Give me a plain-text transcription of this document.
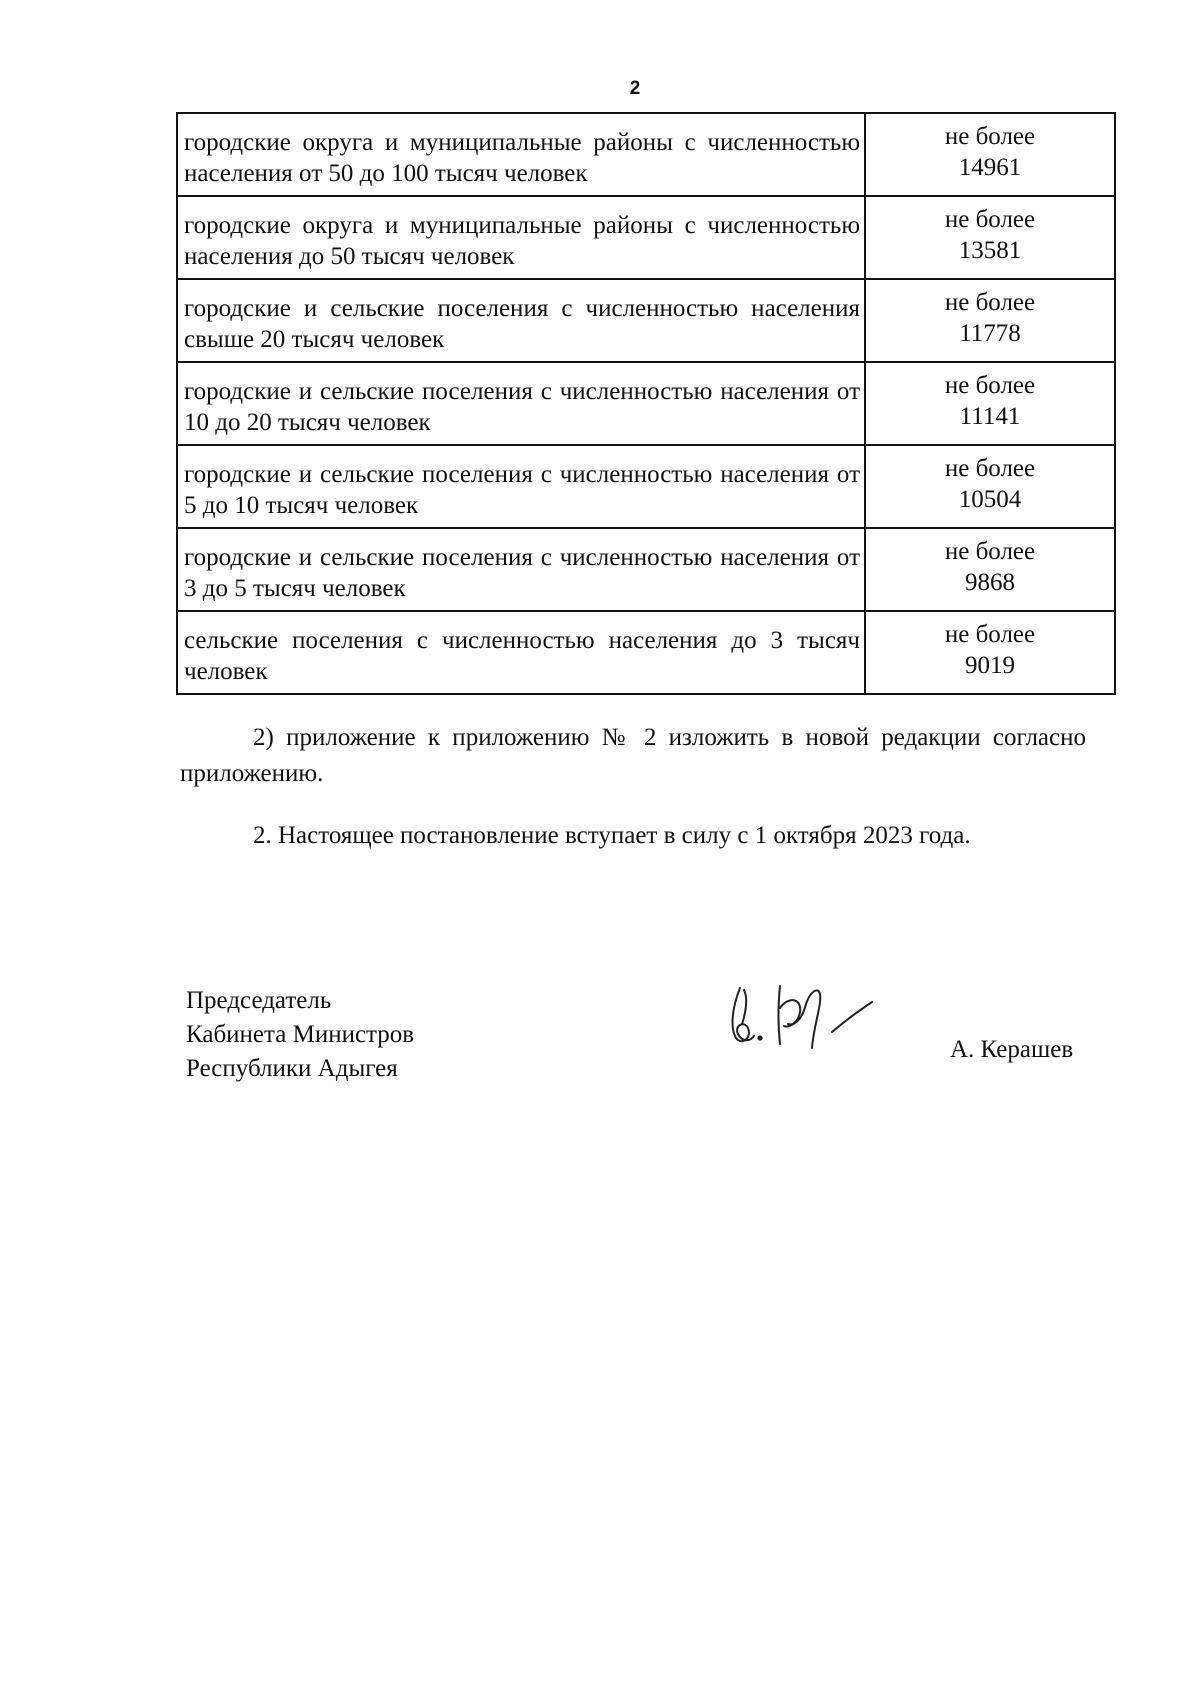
2
городские округа и муниципальные районы с численностью населения от 50 до 100 тысяч человек	не более
14961

городские округа и муниципальные районы с численностью населения до 50 тысяч человек	не более
13581

городские и сельские поселения с численностью населения свыше 20 тысяч человек	не более
11778

городские и сельские поселения с численностью населения от 10 до 20 тысяч человек	не более
11141

городские и сельские поселения с численностью населения от 5 до 10 тысяч человек	не более
10504

городские и сельские поселения с численностью населения от 3 до 5 тысяч человек	не более
9868

сельские поселения с численностью населения до 3 тысяч человек	не более
9019

2) приложение к приложению № 2 изложить в новой редакции согласно приложению.

2. Настоящее постановление вступает в силу с 1 октября 2023 года.

Председатель
Кабинета Министров
Республики Адыгея
А. Керашев
